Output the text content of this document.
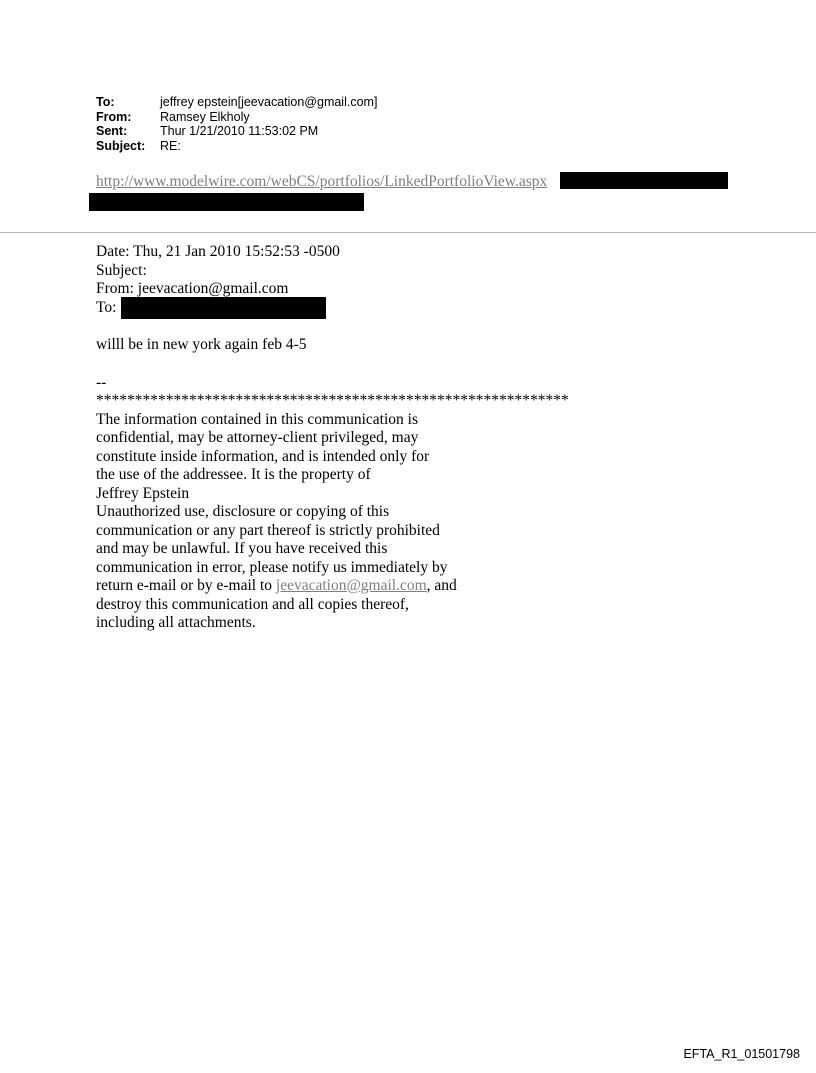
To:	jeffrey epstein[jeevacation@gmail.com]
From:	Ramsey Elkholy
Sent:	Thur 1/21/2010 11:53:02 PM
Subject:	RE:
http://www.modelwire.com/webCS/portfolios/LinkedPortfolioView.aspx
Date: Thu, 21 Jan 2010 15:52:53 -0500
Subject:
From: jeevacation@gmail.com
To:
willl be in new york again feb 4-5
--
*************************************************************
The information contained in this communication is
confidential, may be attorney-client privileged, may
constitute inside information, and is intended only for
the use of the addressee. It is the property of
Jeffrey Epstein
Unauthorized use, disclosure or copying of this
communication or any part thereof is strictly prohibited
and may be unlawful. If you have received this
communication in error, please notify us immediately by
return e-mail or by e-mail to jeevacation@gmail.com, and
destroy this communication and all copies thereof,
including all attachments.
EFTA_R1_01501798
